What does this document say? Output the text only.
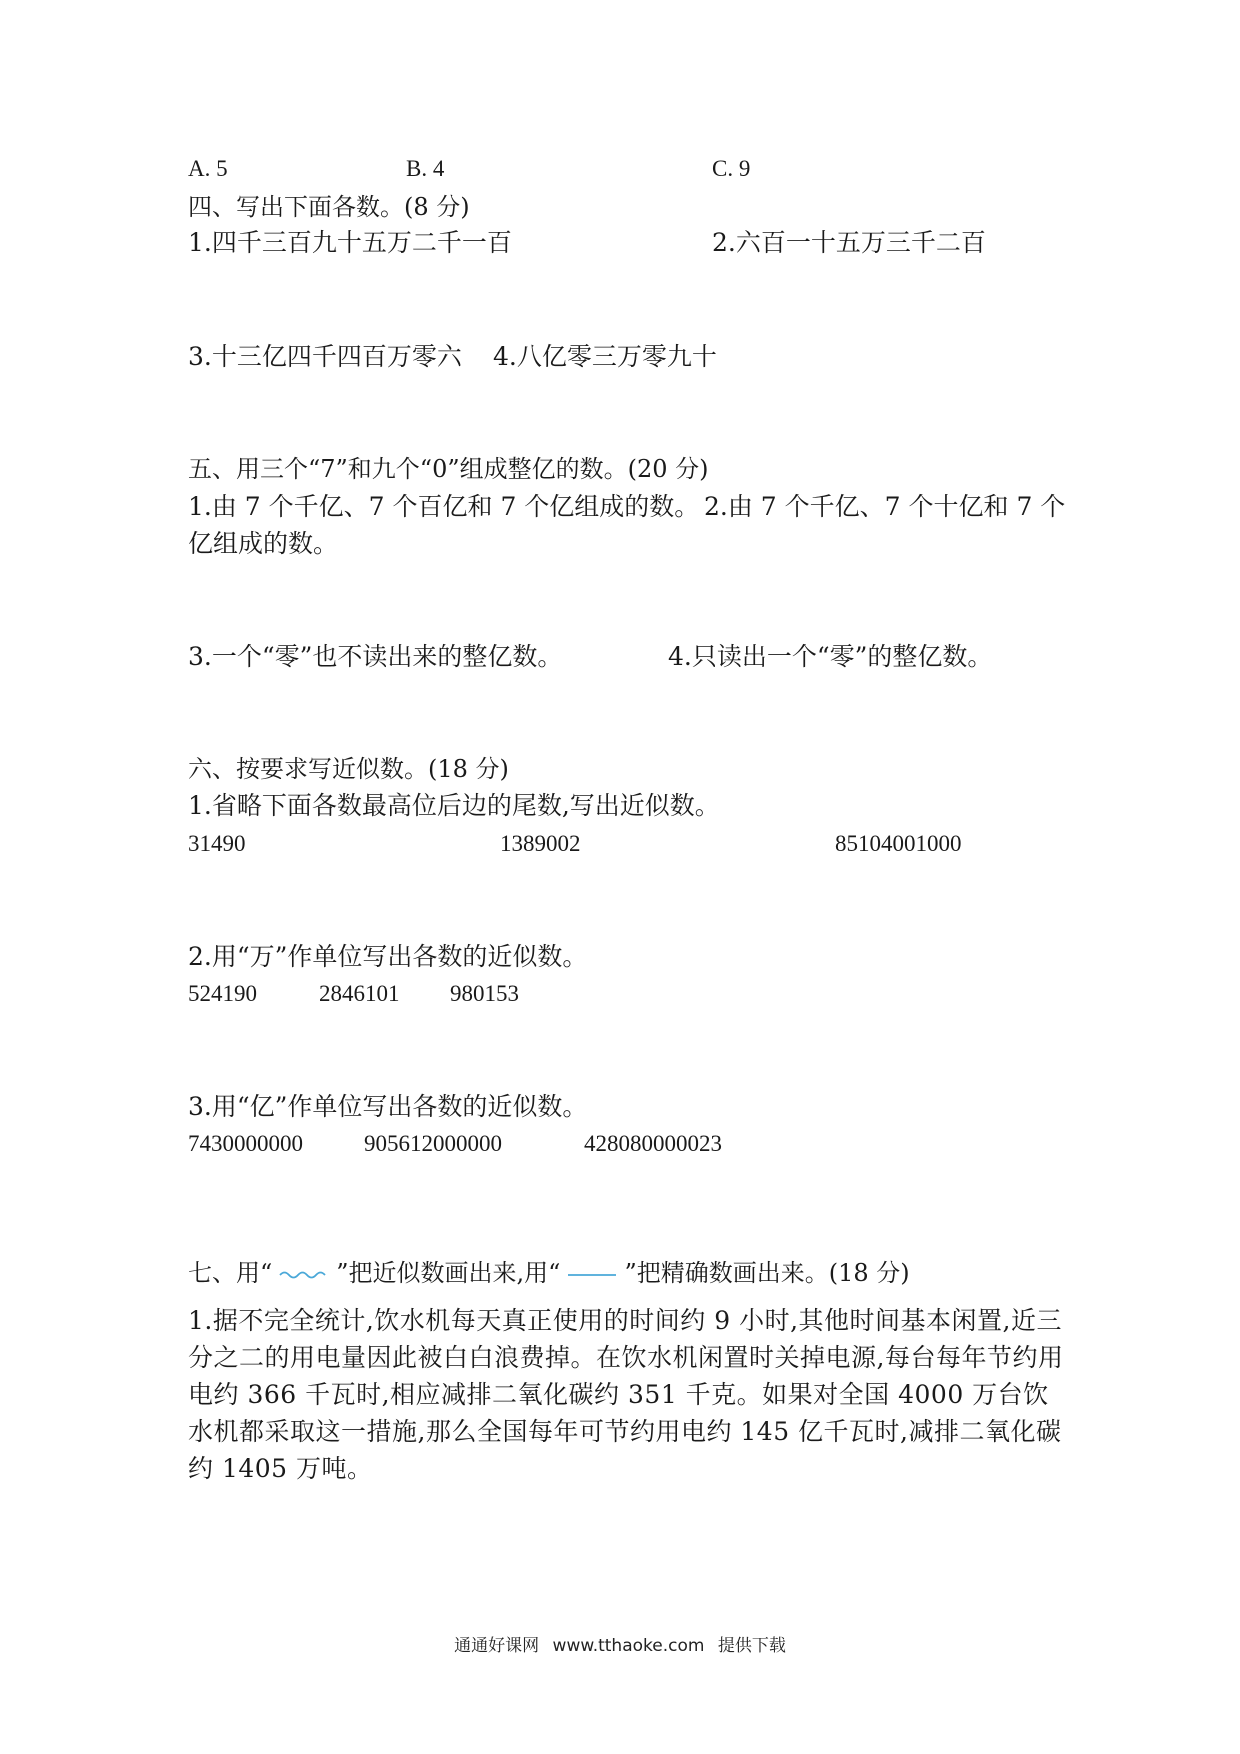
A. 5	B. 4	C. 9
四、写出下面各数。(8 分)
1.四千三百九十五万二千一百	2.六百一十五万三千二百
3.十三亿四千四百万零六 4.八亿零三万零九十
五、用三个“7”和九个“0”组成整亿的数。(20 分)
1.由 7 个千亿、7 个百亿和 7 个亿组成的数。 2.由 7 个千亿、7 个十亿和 7 个
亿组成的数。
3.一个“零”也不读出来的整亿数。	4.只读出一个“零”的整亿数。
六、按要求写近似数。(18 分)
1.省略下面各数最高位后边的尾数,写出近似数。
31490	1389002	85104001000
2.用“万”作单位写出各数的近似数。
524190	2846101 980153
3.用“亿”作单位写出各数的近似数。
7430000000	905612000000	428080000023
七、用“	”把近似数画出来,用“	”把精确数画出来。(18 分)
1.据不完全统计,饮水机每天真正使用的时间约 9 小时,其他时间基本闲置,近三分之二的用电量因此被白白浪费掉。在饮水机闲置时关掉电源,每台每年节约用电约 366 千瓦时,相应减排二氧化碳约 351 千克。如果对全国 4000 万台饮水机都采取这一措施,那么全国每年可节约用电约 145 亿千瓦时,减排二氧化碳约 1405 万吨。
通通好课网 www.tthaoke.com 提供下载
